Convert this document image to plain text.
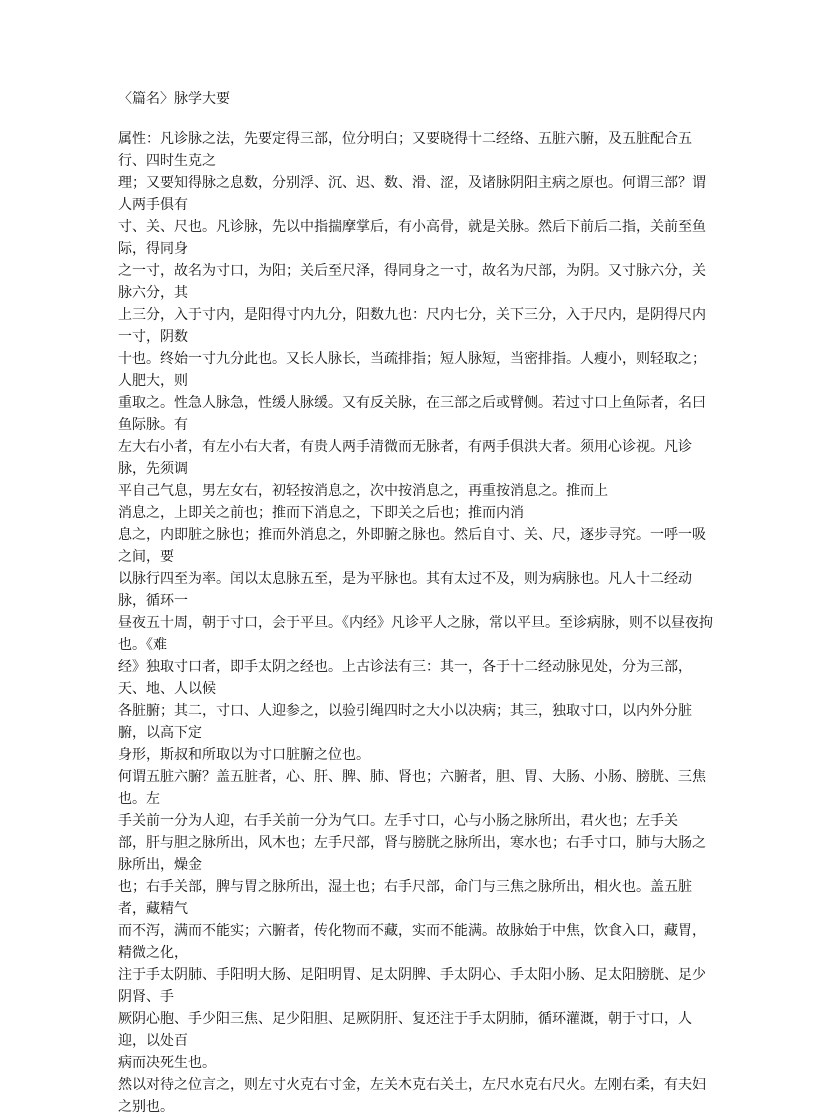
〈篇名〉脉学大要

属性：凡诊脉之法，先要定得三部，位分明白；又要晓得十二经络、五脏六腑，及五脏配合五行、四时生克之

理；又要知得脉之息数，分别浮、沉、迟、数、滑、涩，及诸脉阴阳主病之原也。何谓三部？谓人两手俱有

寸、关、尺也。凡诊脉，先以中指揣摩掌后，有小高骨，就是关脉。然后下前后二指，关前至鱼际，得同身

之一寸，故名为寸口，为阳；关后至尺泽，得同身之一寸，故名为尺部，为阴。又寸脉六分，关脉六分，其

上三分，入于寸内，是阳得寸内九分，阳数九也：尺内七分，关下三分，入于尺内，是阴得尺内一寸，阴数

十也。终始一寸九分此也。又长人脉长，当疏排指；短人脉短，当密排指。人瘦小，则轻取之；人肥大，则

重取之。性急人脉急，性缓人脉缓。又有反关脉，在三部之后或臂侧。若过寸口上鱼际者，名曰鱼际脉。有

左大右小者，有左小右大者，有贵人两手清微而无脉者，有两手俱洪大者。须用心诊视。凡诊脉，先须调

平自己气息，男左女右，初轻按消息之，次中按消息之，再重按消息之。推而上

消息之，上即关之前也；推而下消息之，下即关之后也；推而内消

息之，内即脏之脉也；推而外消息之，外即腑之脉也。然后自寸、关、尺，逐步寻究。一呼一吸之间，要

以脉行四至为率。闰以太息脉五至，是为平脉也。其有太过不及，则为病脉也。凡人十二经动脉，循环一

昼夜五十周，朝于寸口，会于平旦。《内经》凡诊平人之脉，常以平旦。至诊病脉，则不以昼夜拘也。《难

经》独取寸口者，即手太阴之经也。上古诊法有三：其一，各于十二经动脉见处，分为三部，天、地、人以候

各脏腑；其二，寸口、人迎参之，以验引绳四时之大小以决病；其三，独取寸口，以内外分脏腑，以高下定

身形，斯叔和所取以为寸口脏腑之位也。

何谓五脏六腑？盖五脏者，心、肝、脾、肺、肾也；六腑者，胆、胃、大肠、小肠、膀胱、三焦也。左

手关前一分为人迎，右手关前一分为气口。左手寸口，心与小肠之脉所出，君火也；左手关

部，肝与胆之脉所出，风木也；左手尺部，肾与膀胱之脉所出，寒水也；右手寸口，肺与大肠之脉所出，燥金

也；右手关部，脾与胃之脉所出，湿土也；右手尺部，命门与三焦之脉所出，相火也。盖五脏者，藏精气

而不泻，满而不能实；六腑者，传化物而不藏，实而不能满。故脉始于中焦，饮食入口，藏胃，精微之化，

注于手太阴肺、手阳明大肠、足阳明胃、足太阴脾、手太阴心、手太阳小肠、足太阳膀胱、足少阴肾、手

厥阴心胞、手少阳三焦、足少阳胆、足厥阴肝、复还注于手太阴肺，循环灌溉，朝于寸口，人迎，以处百

病而决死生也。

然以对待之位言之，则左寸火克右寸金，左关木克右关土，左尺水克右尺火。左刚右柔，有夫妇之别也。
